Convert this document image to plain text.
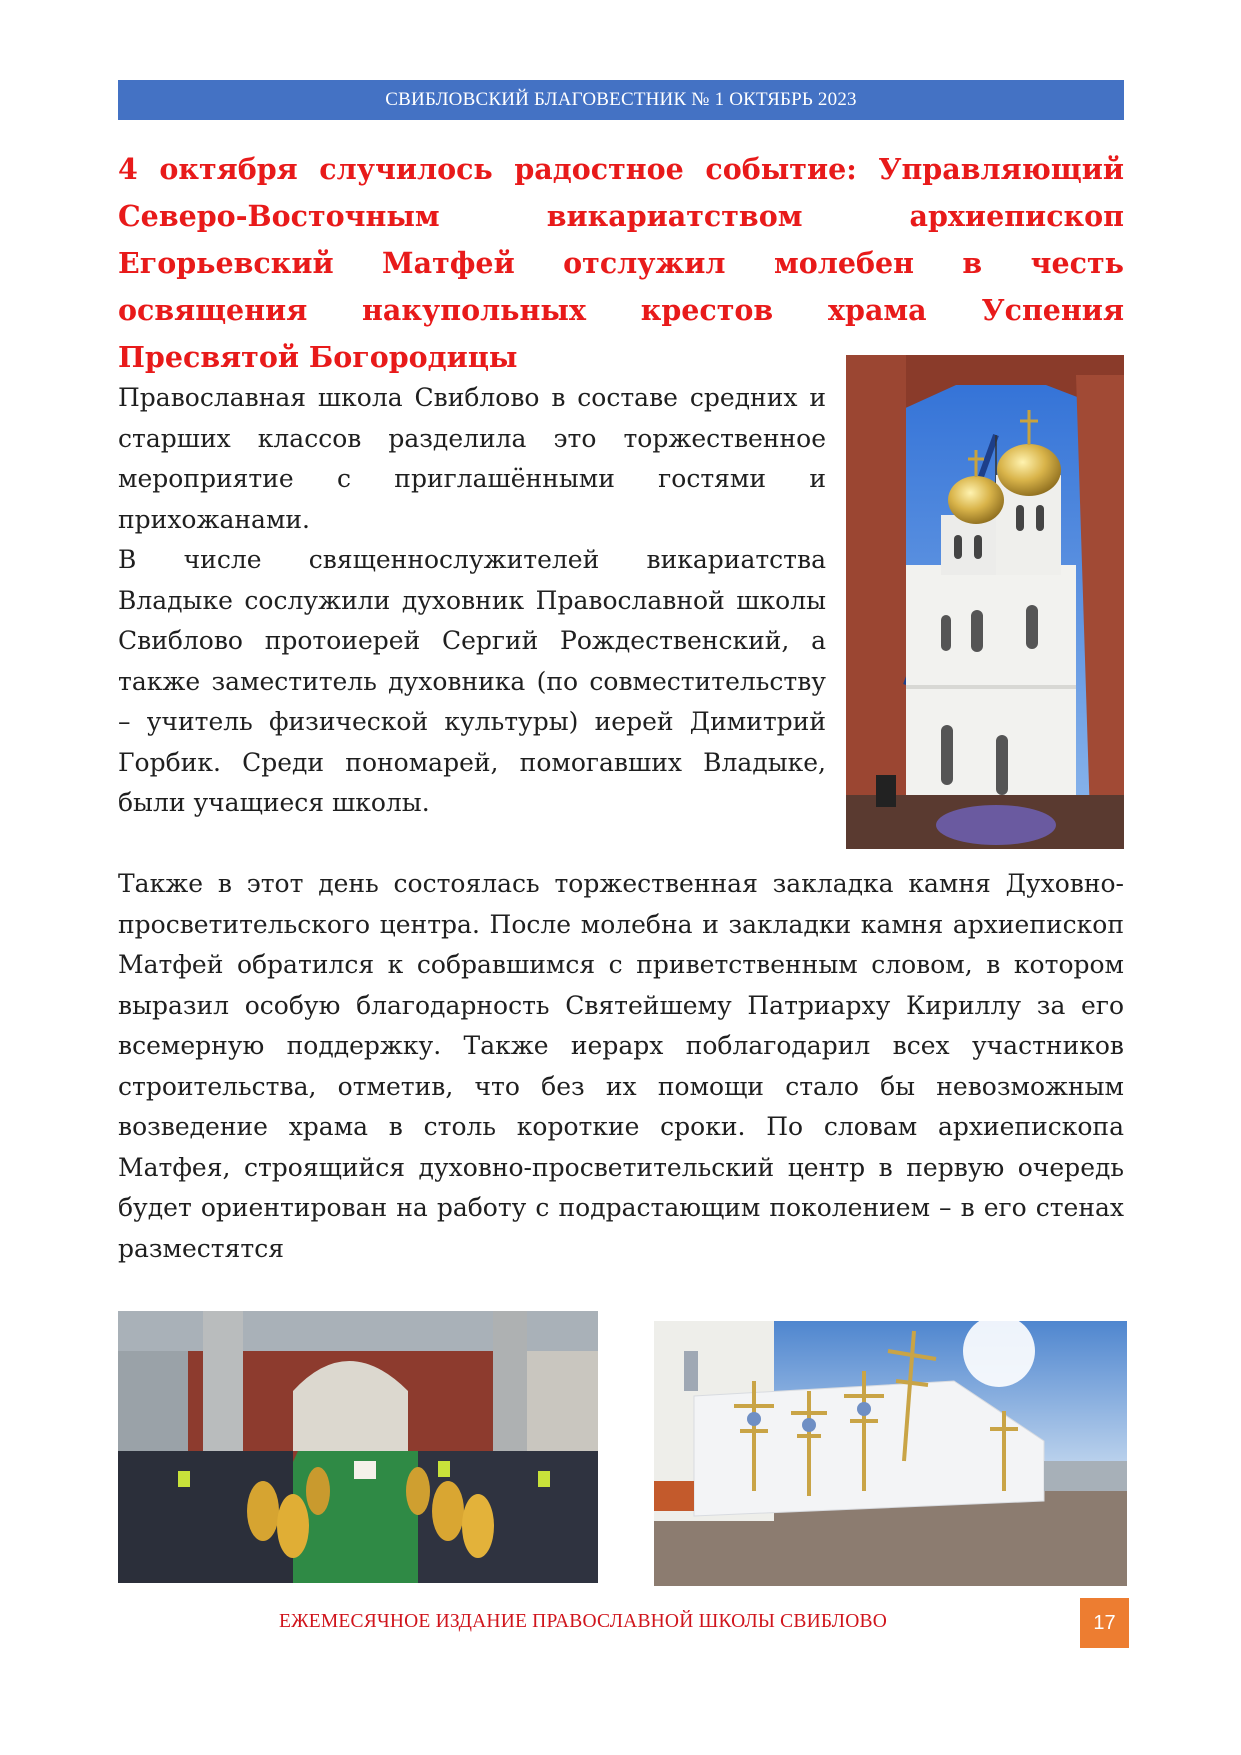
СВИБЛОВСКИЙ БЛАГОВЕСТНИК № 1 ОКТЯБРЬ 2023
4 октября случилось радостное событие: Управляющий Северо-Восточным викариатством архиепископ Егорьевский Матфей отслужил молебен в честь освящения накупольных крестов храма Успения Пресвятой Богородицы

Православная школа Свиблово в составе средних и старших классов разделила это торжественное мероприятие с приглашёнными гостями и прихожанами.

В числе священнослужителей викариатства Владыке сослужили духовник Православной школы Свиблово протоиерей Сергий Рождественский, а также заместитель духовника (по совместительству – учитель физической культуры) иерей Димитрий Горбик. Среди пономарей, помогавших Владыке, были учащиеся школы.

Также в этот день состоялась торжественная закладка камня Духовно-просветительского центра. После молебна и закладки камня архиепископ Матфей обратился к собравшимся с приветственным словом, в котором выразил особую благодарность Святейшему Патриарху Кириллу за его всемерную поддержку. Также иерарх поблагодарил всех участников строительства, отметив, что без их помощи стало бы невозможным возведение храма в столь короткие сроки. По словам архиепископа Матфея, строящийся духовно-просветительский центр в первую очередь будет ориентирован на работу с подрастающим поколением – в его стенах разместятся

ЕЖЕМЕСЯЧНОЕ ИЗДАНИЕ ПРАВОСЛАВНОЙ ШКОЛЫ СВИБЛОВО	17
